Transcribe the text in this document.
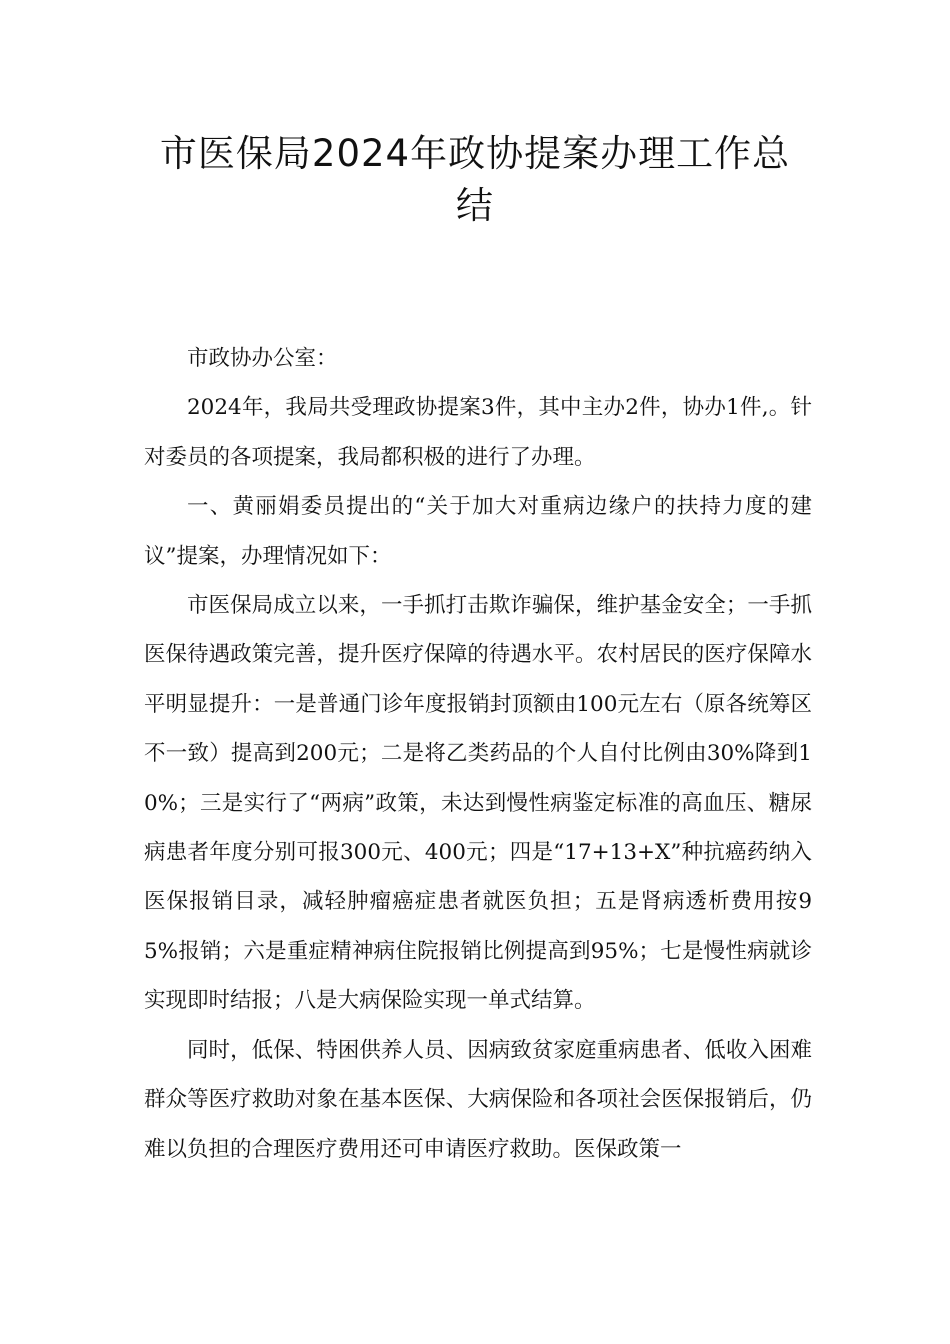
市医保局2024年政协提案办理工作总
结

市政协办公室：

2024年，我局共受理政协提案3件，其中主办2件，协办1件,。针对委员的各项提案，我局都积极的进行了办理。

一、黄丽娟委员提出的“关于加大对重病边缘户的扶持力度的建议”提案，办理情况如下：

市医保局成立以来，一手抓打击欺诈骗保，维护基金安全；一手抓医保待遇政策完善，提升医疗保障的待遇水平。农村居民的医疗保障水平明显提升：一是普通门诊年度报销封顶额由100元左右（原各统筹区不一致）提高到200元；二是将乙类药品的个人自付比例由30%降到10%；三是实行了“两病”政策，未达到慢性病鉴定标准的高血压、糖尿病患者年度分别可报300元、400元；四是“17+13+X”种抗癌药纳入医保报销目录，减轻肿瘤癌症患者就医负担；五是肾病透析费用按95%报销；六是重症精神病住院报销比例提高到95%；七是慢性病就诊实现即时结报；八是大病保险实现一单式结算。

同时，低保、特困供养人员、因病致贫家庭重病患者、低收入困难群众等医疗救助对象在基本医保、大病保险和各项社会医保报销后，仍难以负担的合理医疗费用还可申请医疗救助。医保政策一
